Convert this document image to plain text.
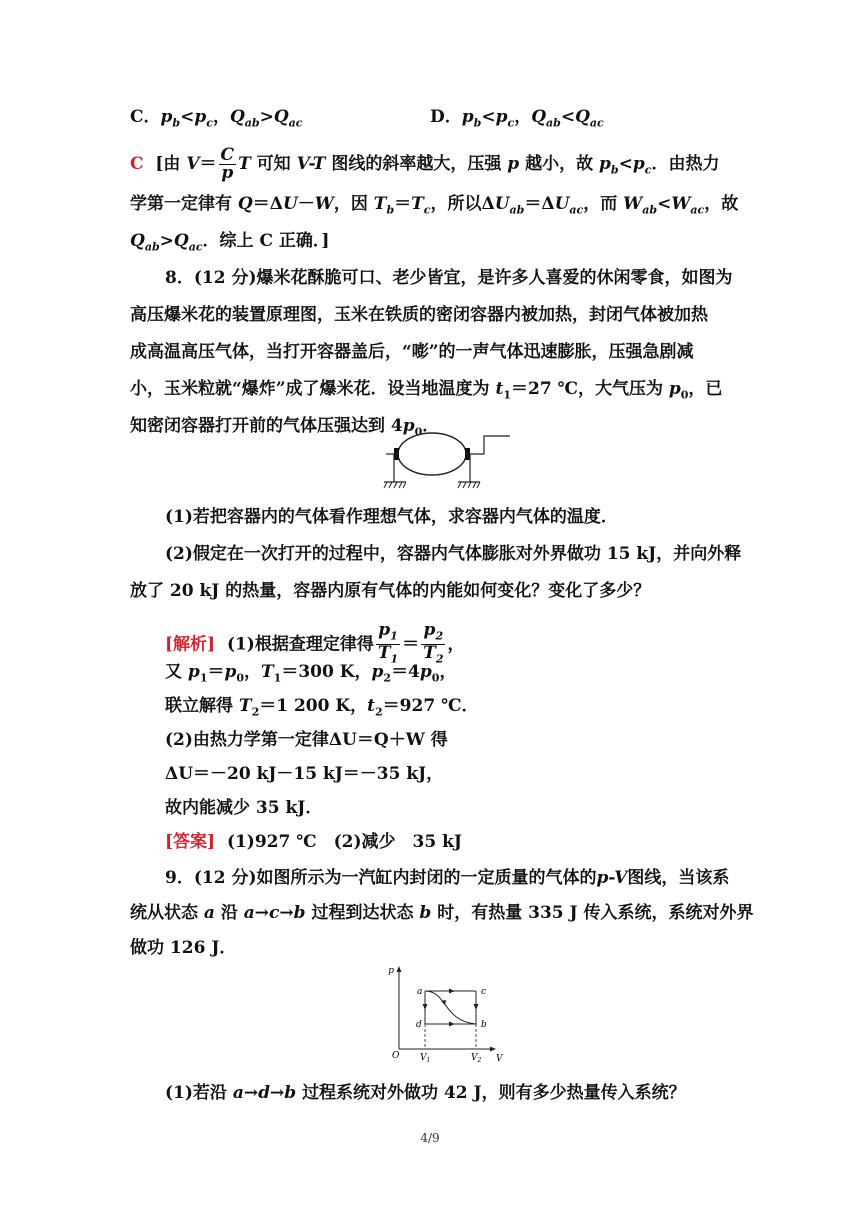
C．$p_b<p_c$，$Q_{ab}>Q_{ac}$	D．$p_b<p_c$，$Q_{ab}<Q_{ac}$
C [由 $V= \frac{C}{p}$ T 可知 V-T 图线的斜率越大，压强 p 越小，故 $p_b<p_c$．由热力
学第一定律有 Q＝ΔU－W，因 $T_b=T_c$，所以$\Delta U_{ab}=\Delta U_{ac}$，而 $W_{ab}<W_{ac}$，故
$Q_{ab}>Q_{ac}$．综上 C 正确．]
8．(12 分)爆米花酥脆可口、老少皆宜，是许多人喜爱的休闲零食，如图为
高压爆米花的装置原理图，玉米在铁质的密闭容器内被加热，封闭气体被加热
成高温高压气体，当打开容器盖后，“嘭”的一声气体迅速膨胀，压强急剧减
小，玉米粒就“爆炸”成了爆米花．设当地温度为 $t_1=27$ ℃，大气压为 $p_0$，已
知密闭容器打开前的气体压强达到 $4p_0$．
(1)若把容器内的气体看作理想气体，求容器内气体的温度．
(2)假定在一次打开的过程中，容器内气体膨胀对外界做功 15 kJ，并向外释
放了 20 kJ 的热量，容器内原有气体的内能如何变化？变化了多少？
[解析] (1)根据查理定律得 $\frac{p_1}{T_1} = \frac{p_2}{T_2}$ ，
又 $p_1=p_0$，$T_1=300$ K，$p_2=4p_0$，
联立解得 $T_2=1$ 200 K，$t_2=927$ ℃．
(2)由热力学第一定律ΔU＝Q＋W 得
ΔU＝－20 kJ－15 kJ＝－35 kJ，
故内能减少 35 kJ．
[答案] (1)927 ℃　(2)减少　35 kJ
9．(12 分)如图所示为一汽缸内封闭的一定质量的气体的p-V图线，当该系
统从状态 a 沿 a→c→b 过程到达状态 b 时，有热量 335 J 传入系统，系统对外界
做功 126 J．
p
V
O
a	c
b
d
$V_1$	$V_2$
(1)若沿 a→d→b 过程系统对外做功 42 J，则有多少热量传入系统？
4/9
